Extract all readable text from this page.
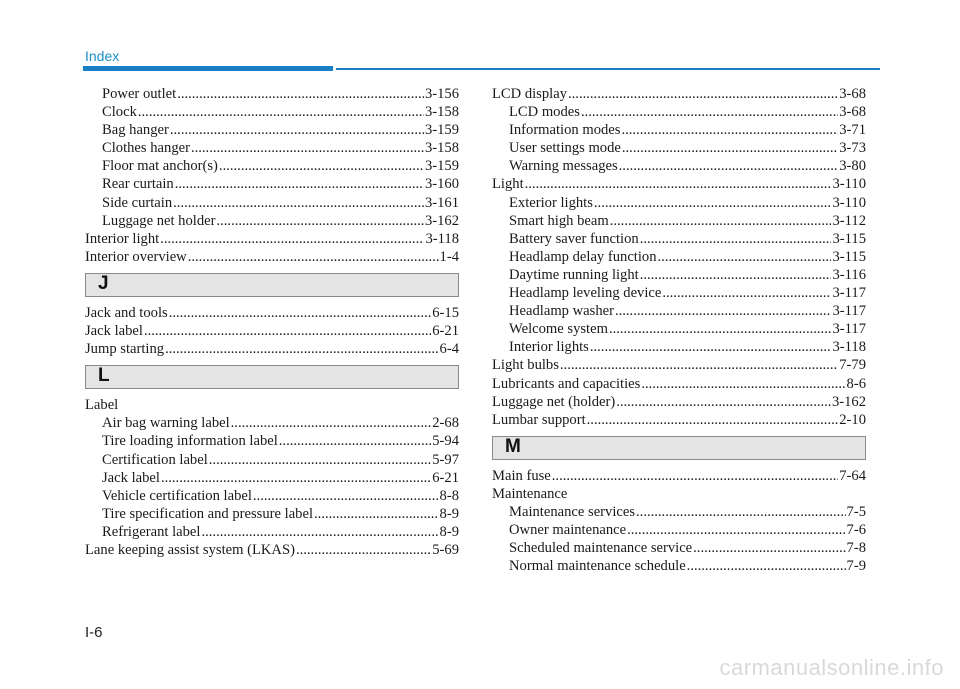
Index
Power outlet .....	3-156
Clock .....	3-158
Bag hanger .....	3-159
Clothes hanger .....	3-158
Floor mat anchor(s) .....	3-159
Rear curtain .....	3-160
Side curtain .....	3-161
Luggage net holder .....	3-162
Interior light .....	3-118
Interior overview .....	1-4
J
Jack and tools .....	6-15
Jack label .....	6-21
Jump starting .....	6-4
L
Label
Air bag warning label .....	2-68
Tire loading information label .....	5-94
Certification label .....	5-97
Jack label .....	6-21
Vehicle certification label .....	8-8
Tire specification and pressure label .....	8-9
Refrigerant label .....	8-9
Lane keeping assist system (LKAS) .....	5-69
LCD display .....	3-68
LCD modes .....	3-68
Information modes .....	3-71
User settings mode .....	3-73
Warning messages .....	3-80
Light .....	3-110
Exterior lights .....	3-110
Smart high beam .....	3-112
Battery saver function .....	3-115
Headlamp delay function .....	3-115
Daytime running light .....	3-116
Headlamp leveling device .....	3-117
Headlamp washer .....	3-117
Welcome system .....	3-117
Interior lights .....	3-118
Light bulbs .....	7-79
Lubricants and capacities .....	8-6
Luggage net (holder) .....	3-162
Lumbar support .....	2-10
M
Main fuse .....	7-64
Maintenance
Maintenance services .....	7-5
Owner maintenance .....	7-6
Scheduled maintenance service .....	7-8
Normal maintenance schedule .....	7-9
I-6
carmanualsonline.info
